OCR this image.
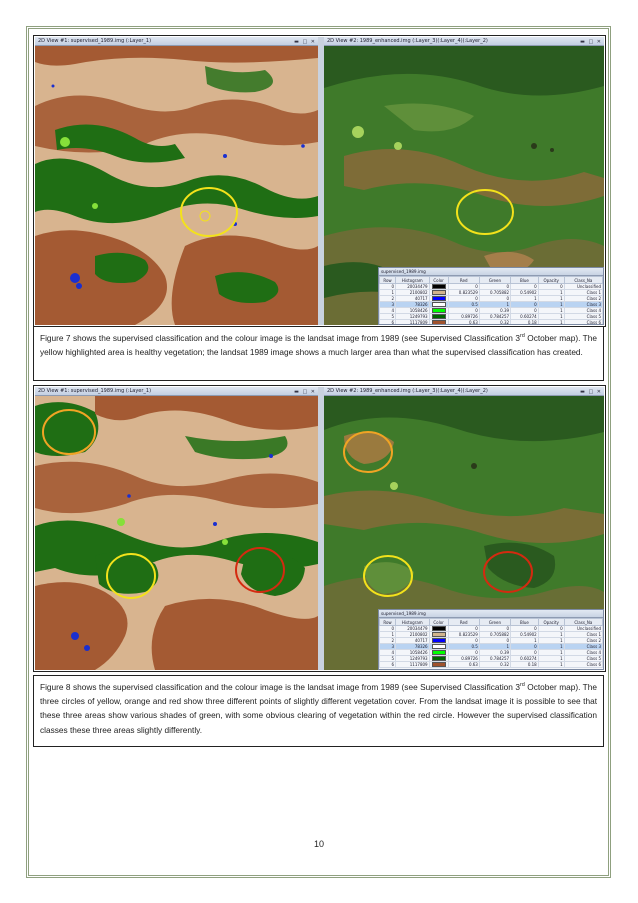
2D View #1: supervised_1989.img (:Layer_1)	▬ □ ✕	2D View #2: 1989_enhanced.img (:Layer_3)(:Layer_4)(:Layer_2)	▬ □ ✕
supervised_1989.img
Row	Histogram	Color	Red	Green	Blue	Opacity	Class_Na
0	20034479		0	0	0	0	Unclassified
1	2100802		0.823529	0.705882	0.54902	1	Class 1
2	40717		0	0	1	1	Class 2
3	78326		0.5	1	0	1	Class 3
4	1058426		0	0.39	0	1	Class 4
5	1249793		0.89726	0.784257	0.60274	1	Class 5
6	1117809		0.63	0.32	0.18	1	Class 6
Figure 7 shows the supervised classification and the colour image is the landsat image from 1989 (see Supervised Classification 3rd October map). The yellow highlighted area is healthy vegetation; the landsat 1989 image shows a much larger area than what the supervised classification has created.
2D View #1: supervised_1989.img (:Layer_1)	▬ □ ✕	2D View #2: 1989_enhanced.img (:Layer_3)(:Layer_4)(:Layer_2)	▬ □ ✕
supervised_1989.img
Row	Histogram	Color	Red	Green	Blue	Opacity	Class_Na
0	20034479		0	0	0	0	Unclassified
1	2100802		0.823529	0.705882	0.54902	1	Class 1
2	40717		0	0	1	1	Class 2
3	78326		0.5	1	0	1	Class 3
4	1058426		0	0.39	0	1	Class 4
5	1249793		0.89726	0.784257	0.60274	1	Class 5
6	1117809		0.63	0.32	0.18	1	Class 6
Figure 8 shows the supervised classification and the colour image is the landsat image from 1989 (see Supervised Classification 3rd October map). The three circles of yellow, orange and red show three different points of slightly different vegetation cover. From the landsat image it is possible to see that these three areas show various shades of green, with some obvious clearing of vegetation within the red circle. However the supervised classification classes these three areas slightly differently.
10
